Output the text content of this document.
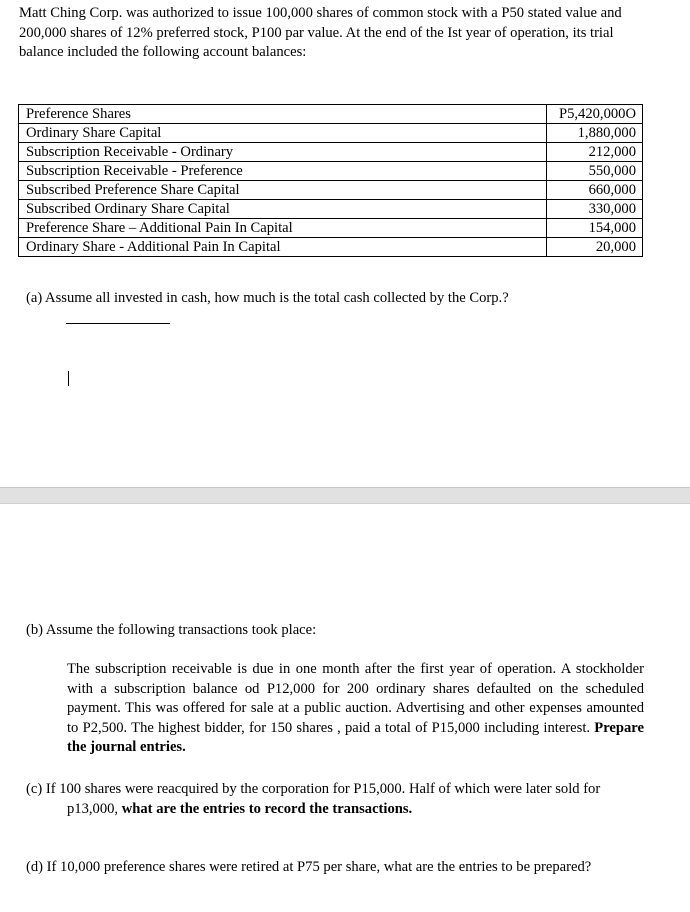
Matt Ching Corp. was authorized to issue 100,000 shares of common stock with a P50 stated value and 200,000 shares of 12% preferred stock, P100 par value. At the end of the Ist year of operation, its trial balance included the following account balances:

Preference Shares	P5,420,000O
Ordinary Share Capital	1,880,000
Subscription Receivable - Ordinary	212,000
Subscription Receivable - Preference	550,000
Subscribed Preference Share Capital	660,000
Subscribed Ordinary Share Capital	330,000
Preference Share – Additional Pain In Capital	154,000
Ordinary Share - Additional Pain In Capital	20,000

(a) Assume all invested in cash, how much is the total cash collected by the Corp.?

(b) Assume the following transactions took place:

The subscription receivable is due in one month after the first year of operation. A stockholder with a subscription balance od P12,000 for 200 ordinary shares defaulted on the scheduled payment. This was offered for sale at a public auction. Advertising and other expenses amounted to P2,500. The highest bidder, for 150 shares , paid a total of P15,000 including interest. Prepare the journal entries.

(c) If 100 shares were reacquired by the corporation for P15,000. Half of which were later sold for p13,000, what are the entries to record the transactions.

(d) If 10,000 preference shares were retired at P75 per share, what are the entries to be prepared?
